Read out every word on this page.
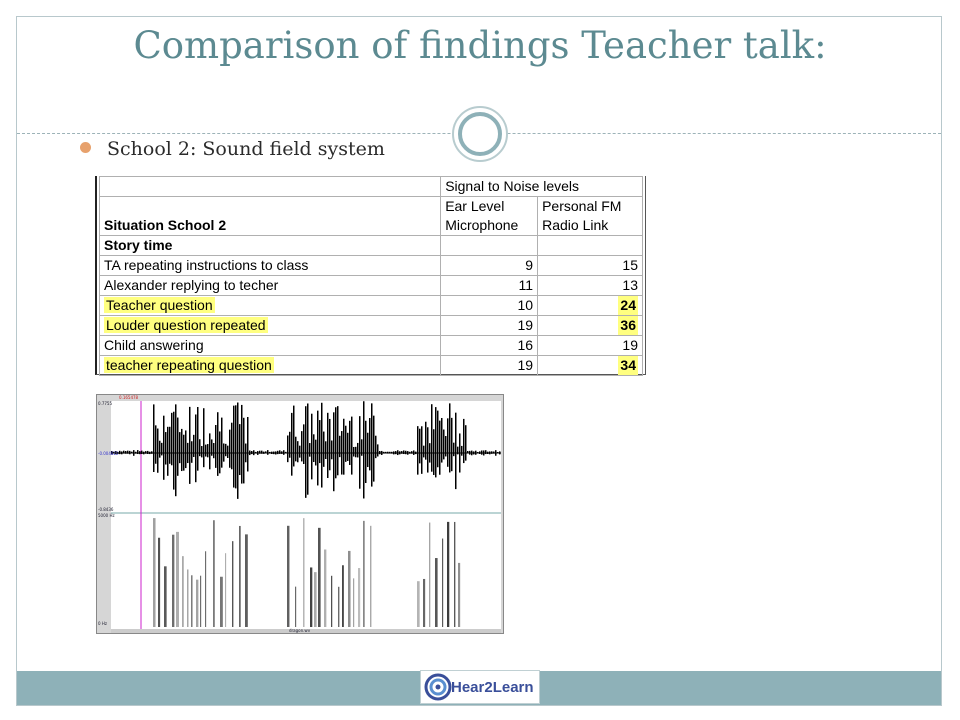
Comparison of findings Teacher talk:
School 2: Sound field system
	Signal to Noise levels	
	Ear Level	Personal FM
Situation School 2	Microphone	Radio Link
Story time		
TA repeating instructions to class	9	15
Alexander replying to techer	11	13
Teacher question	10	24
Louder question repeated	19	36
Child answering	16	19
teacher repeating question	19	34
0.165478
0.7755
-0.004822
-0.8436
5000 Hz
0 Hz
dragon.wv
Hear2Learn
